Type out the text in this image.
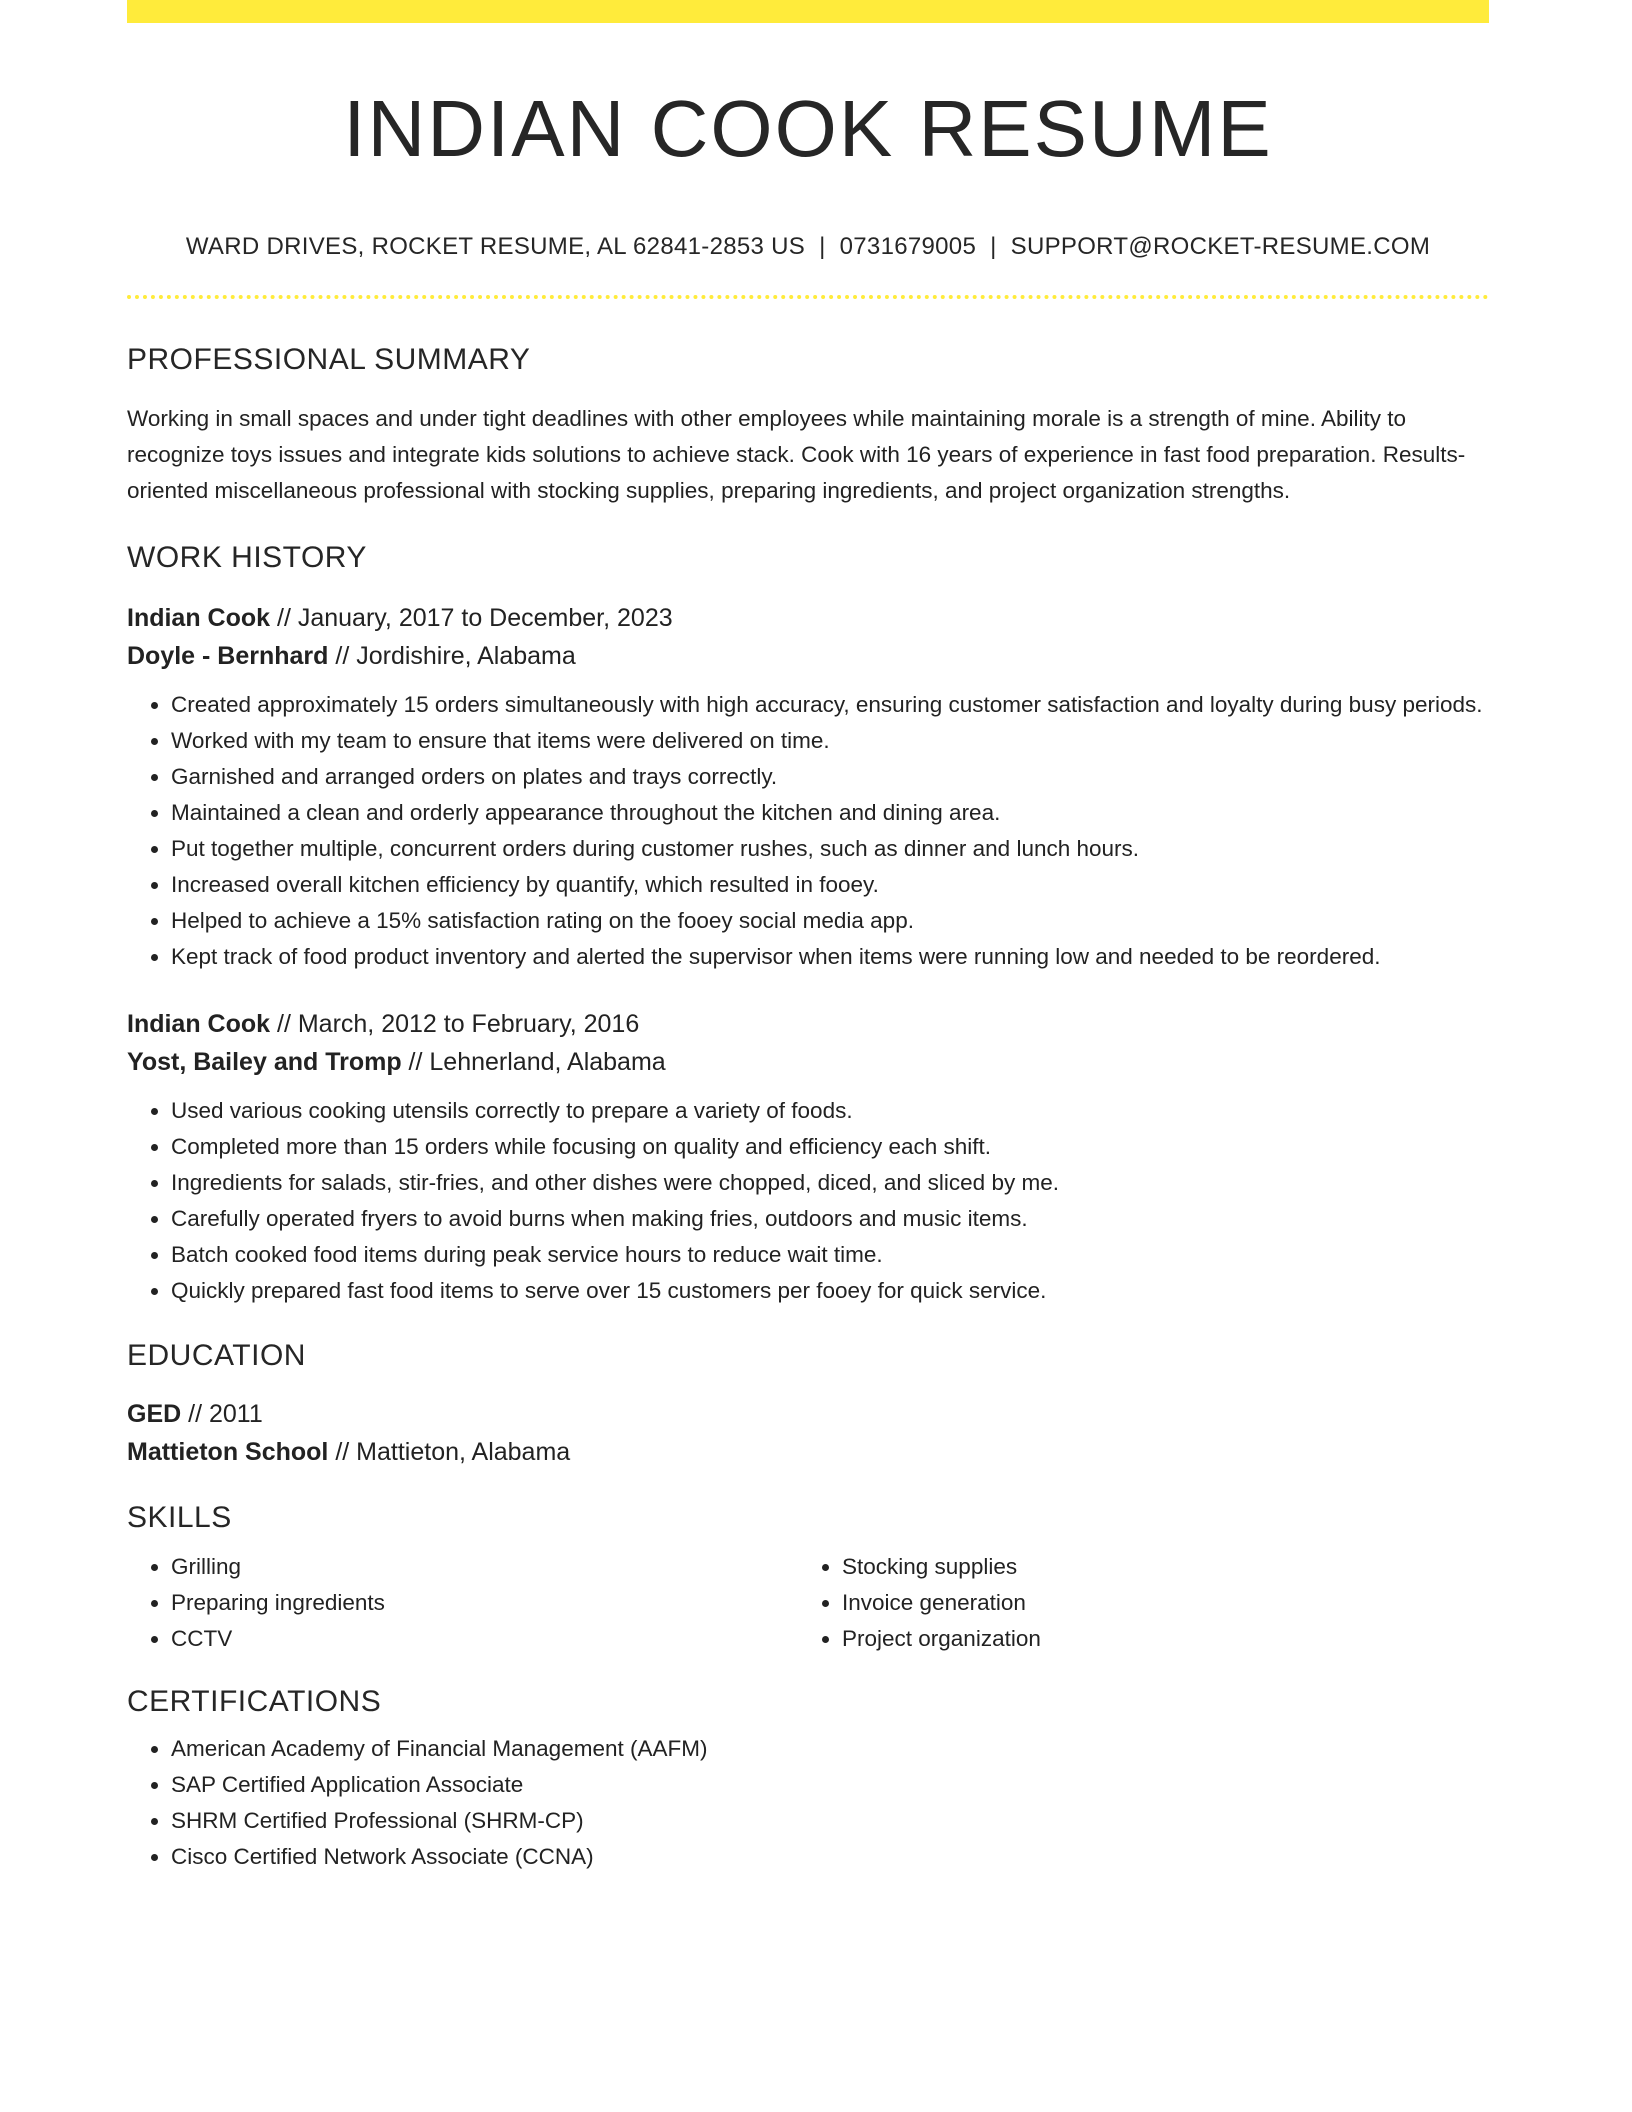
INDIAN COOK RESUME
WARD DRIVES, ROCKET RESUME, AL 62841-2853 US | 0731679005 | SUPPORT@ROCKET-RESUME.COM
PROFESSIONAL SUMMARY
Working in small spaces and under tight deadlines with other employees while maintaining morale is a strength of mine. Ability to recognize toys issues and integrate kids solutions to achieve stack. Cook with 16 years of experience in fast food preparation. Results-oriented miscellaneous professional with stocking supplies, preparing ingredients, and project organization strengths.
WORK HISTORY
Indian Cook // January, 2017 to December, 2023
Doyle - Bernhard // Jordishire, Alabama
• Created approximately 15 orders simultaneously with high accuracy, ensuring customer satisfaction and loyalty during busy periods.
• Worked with my team to ensure that items were delivered on time.
• Garnished and arranged orders on plates and trays correctly.
• Maintained a clean and orderly appearance throughout the kitchen and dining area.
• Put together multiple, concurrent orders during customer rushes, such as dinner and lunch hours.
• Increased overall kitchen efficiency by quantify, which resulted in fooey.
• Helped to achieve a 15% satisfaction rating on the fooey social media app.
• Kept track of food product inventory and alerted the supervisor when items were running low and needed to be reordered.
Indian Cook // March, 2012 to February, 2016
Yost, Bailey and Tromp // Lehnerland, Alabama
• Used various cooking utensils correctly to prepare a variety of foods.
• Completed more than 15 orders while focusing on quality and efficiency each shift.
• Ingredients for salads, stir-fries, and other dishes were chopped, diced, and sliced by me.
• Carefully operated fryers to avoid burns when making fries, outdoors and music items.
• Batch cooked food items during peak service hours to reduce wait time.
• Quickly prepared fast food items to serve over 15 customers per fooey for quick service.
EDUCATION
GED // 2011
Mattieton School // Mattieton, Alabama
SKILLS
• Grilling
• Preparing ingredients
• CCTV
• Stocking supplies
• Invoice generation
• Project organization
CERTIFICATIONS
• American Academy of Financial Management (AAFM)
• SAP Certified Application Associate
• SHRM Certified Professional (SHRM-CP)
• Cisco Certified Network Associate (CCNA)
